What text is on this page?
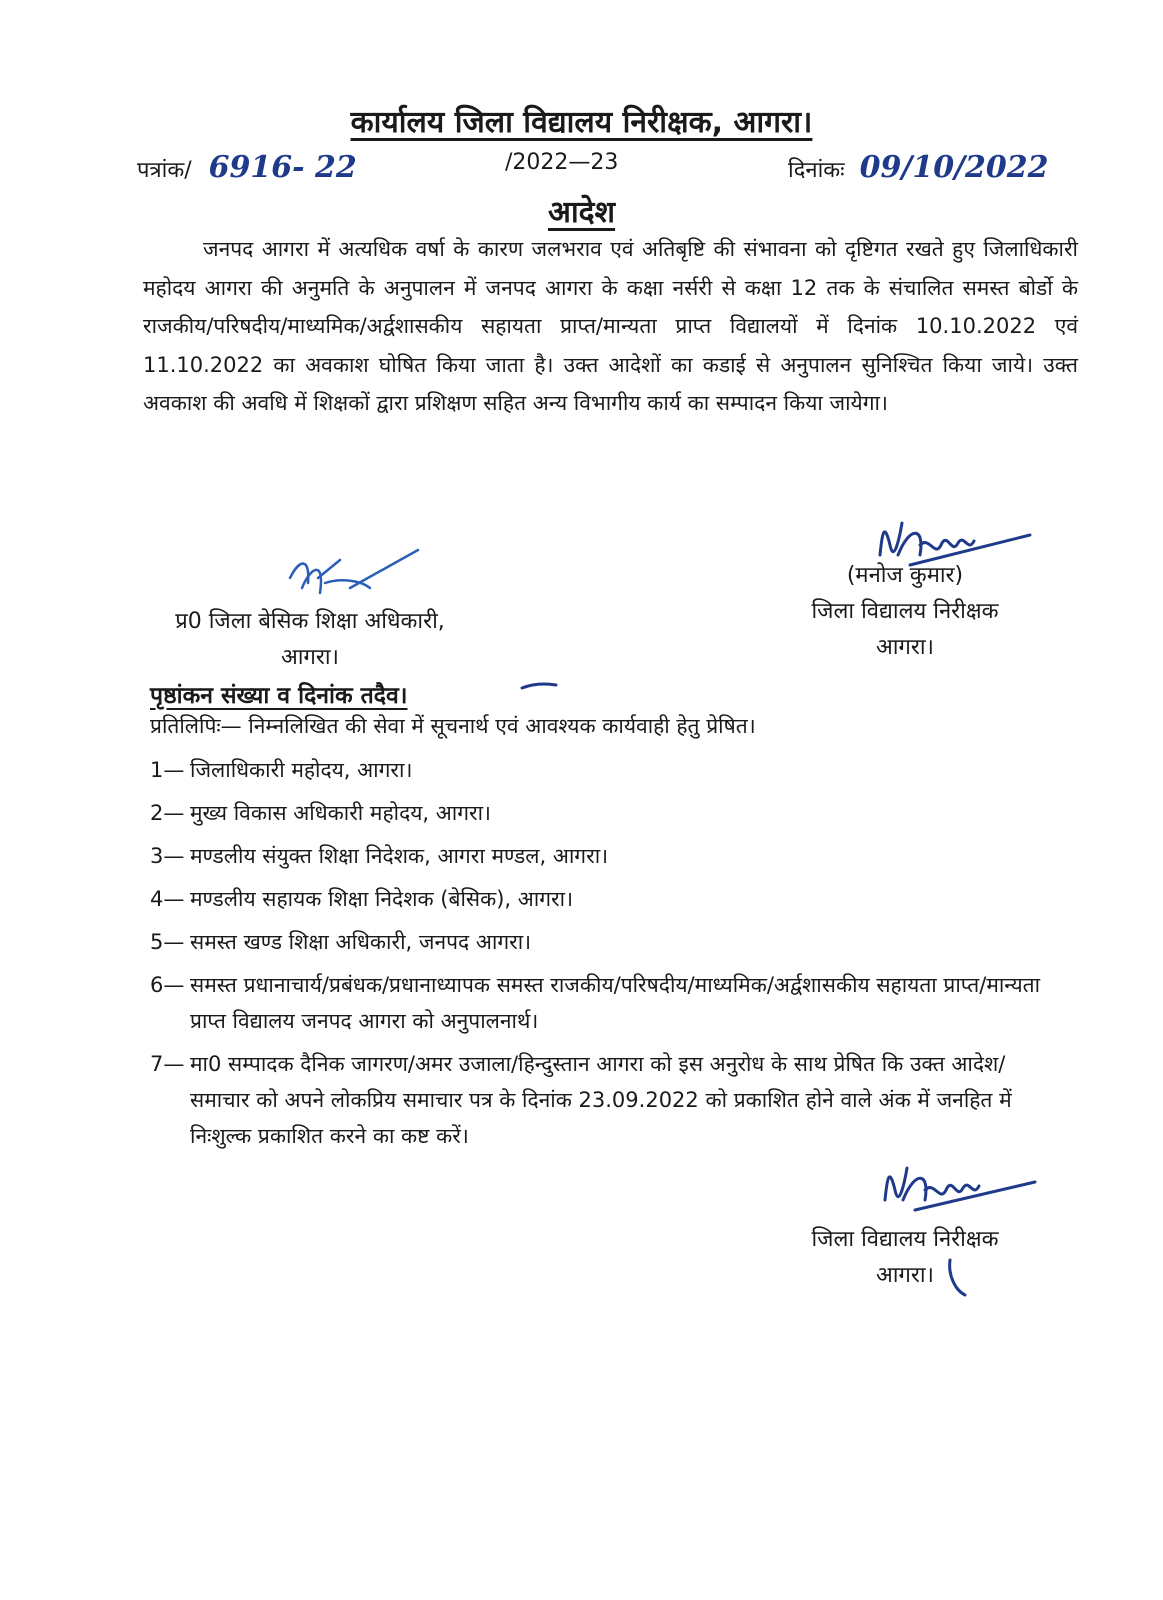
कार्यालय जिला विद्यालय निरीक्षक, आगरा।
पत्रांक/ 6916- 22	/2022—23	दिनांकः 09/10/2022
आदेश

जनपद आगरा में अत्यधिक वर्षा के कारण जलभराव एवं अतिबृष्टि की संभावना को दृष्टिगत रखते हुए जिलाधिकारी महोदय आगरा की अनुमति के अनुपालन में जनपद आगरा के कक्षा नर्सरी से कक्षा 12 तक के संचालित समस्त बोर्डो के राजकीय/परिषदीय/माध्यमिक/अर्द्वशासकीय सहायता प्राप्त/मान्यता प्राप्त विद्यालयों में दिनांक 10.10.2022 एवं 11.10.2022 का अवकाश घोषित किया जाता है। उक्त आदेशों का कडाई से अनुपालन सुनिश्चित किया जाये। उक्त अवकाश की अवधि में शिक्षकों द्वारा प्रशिक्षण सहित अन्य विभागीय कार्य का सम्पादन किया जायेगा।

प्र0 जिला बेसिक शिक्षा अधिकारी,
आगरा।
(मनोज कुमार)
जिला विद्यालय निरीक्षक
आगरा।
पृष्ठांकन संख्या व दिनांक तदैव।
प्रतिलिपिः— निम्नलिखित की सेवा में सूचनार्थ एवं आवश्यक कार्यवाही हेतु प्रेषित।
1— जिलाधिकारी महोदय, आगरा।
2— मुख्य विकास अधिकारी महोदय, आगरा।
3— मण्डलीय संयुक्त शिक्षा निदेशक, आगरा मण्डल, आगरा।
4— मण्डलीय सहायक शिक्षा निदेशक (बेसिक), आगरा।
5— समस्त खण्ड शिक्षा अधिकारी, जनपद आगरा।
6— समस्त प्रधानाचार्य/प्रबंधक/प्रधानाध्यापक समस्त राजकीय/परिषदीय/माध्यमिक/अर्द्वशासकीय सहायता प्राप्त/मान्यता प्राप्त विद्यालय जनपद आगरा को अनुपालनार्थ।
7— मा0 सम्पादक दैनिक जागरण/अमर उजाला/हिन्दुस्तान आगरा को इस अनुरोध के साथ प्रेषित कि उक्त आदेश/समाचार को अपने लोकप्रिय समाचार पत्र के दिनांक 23.09.2022 को प्रकाशित होने वाले अंक में जनहित में निःशुल्क प्रकाशित करने का कष्ट करें।
जिला विद्यालय निरीक्षक
आगरा।
